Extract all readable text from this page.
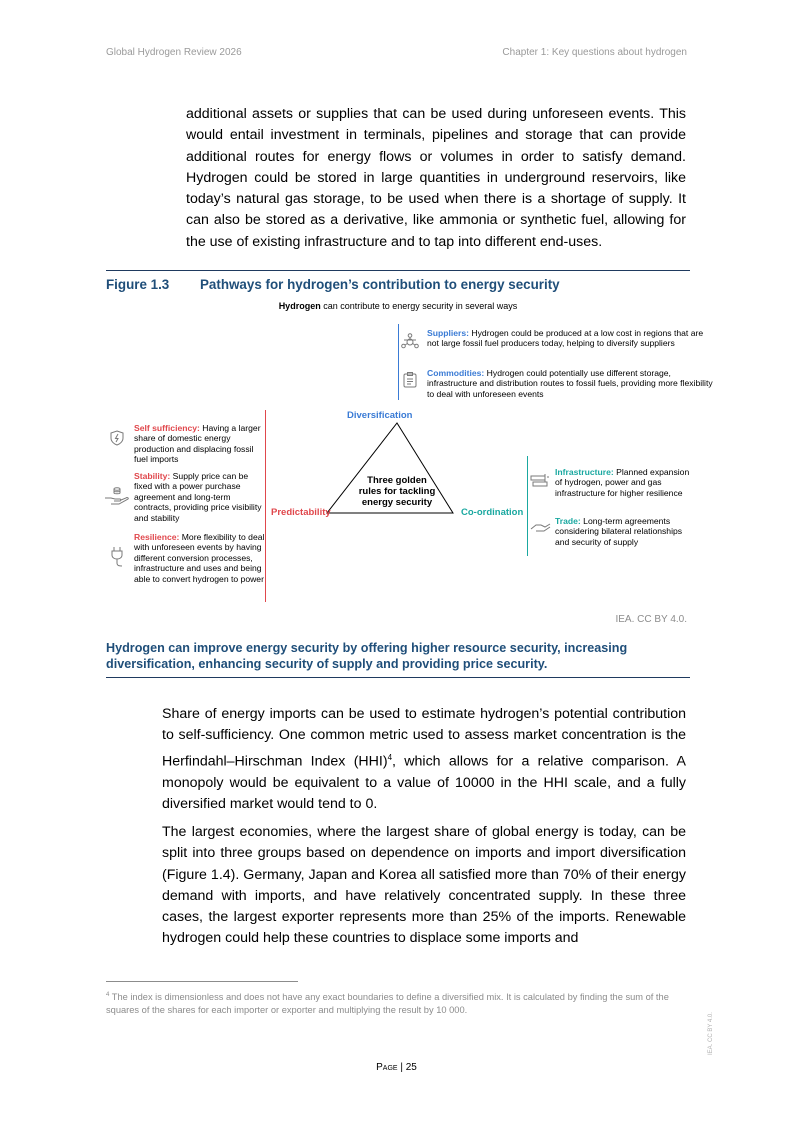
Global Hydrogen Review 2026	Chapter 1: Key questions about hydrogen

additional assets or supplies that can be used during unforeseen events. This would entail investment in terminals, pipelines and storage that can provide additional routes for energy flows or volumes in order to satisfy demand. Hydrogen could be stored in large quantities in underground reservoirs, like today’s natural gas storage, to be used when there is a shortage of supply. It can also be stored as a derivative, like ammonia or synthetic fuel, allowing for the use of existing infrastructure and to tap into different end-uses.

Figure 1.3 Pathways for hydrogen’s contribution to energy security
Hydrogen can contribute to energy security in several ways
Diversification
Predictability	Co-ordination
Three golden rules for tackling energy security
Suppliers: Hydrogen could be produced at a low cost in regions that are not large fossil fuel producers today, helping to diversify suppliers
Commodities: Hydrogen could potentially use different storage, infrastructure and distribution routes to fossil fuels, providing more flexibility to deal with unforeseen events
Self sufficiency: Having a larger share of domestic energy production and displacing fossil fuel imports
Stability: Supply price can be fixed with a power purchase agreement and long-term contracts, providing price visibility and stability
Resilience: More flexibility to deal with unforeseen events by having different conversion processes, infrastructure and uses and being able to convert hydrogen to power
Infrastructure: Planned expansion of hydrogen, power and gas infrastructure for higher resilience
Trade: Long-term agreements considering bilateral relationships and security of supply
IEA. CC BY 4.0.
Hydrogen can improve energy security by offering higher resource security, increasing diversification, enhancing security of supply and providing price security.

Share of energy imports can be used to estimate hydrogen’s potential contribution to self-sufficiency. One common metric used to assess market concentration is the Herfindahl–Hirschman Index (HHI)$^4$, which allows for a relative comparison. A monopoly would be equivalent to a value of 10000 in the HHI scale, and a fully diversified market would tend to 0.

The largest economies, where the largest share of global energy is today, can be split into three groups based on dependence on imports and import diversification (Figure 1.4). Germany, Japan and Korea all satisfied more than 70% of their energy demand with imports, and have relatively concentrated supply. In these three cases, the largest exporter represents more than 25% of the imports. Renewable hydrogen could help these countries to displace some imports and

$^4$ The index is dimensionless and does not have any exact boundaries to define a diversified mix. It is calculated by finding the sum of the squares of the shares for each importer or exporter and multiplying the result by 10 000.
IEA. CC BY 4.0.
Page | 25
